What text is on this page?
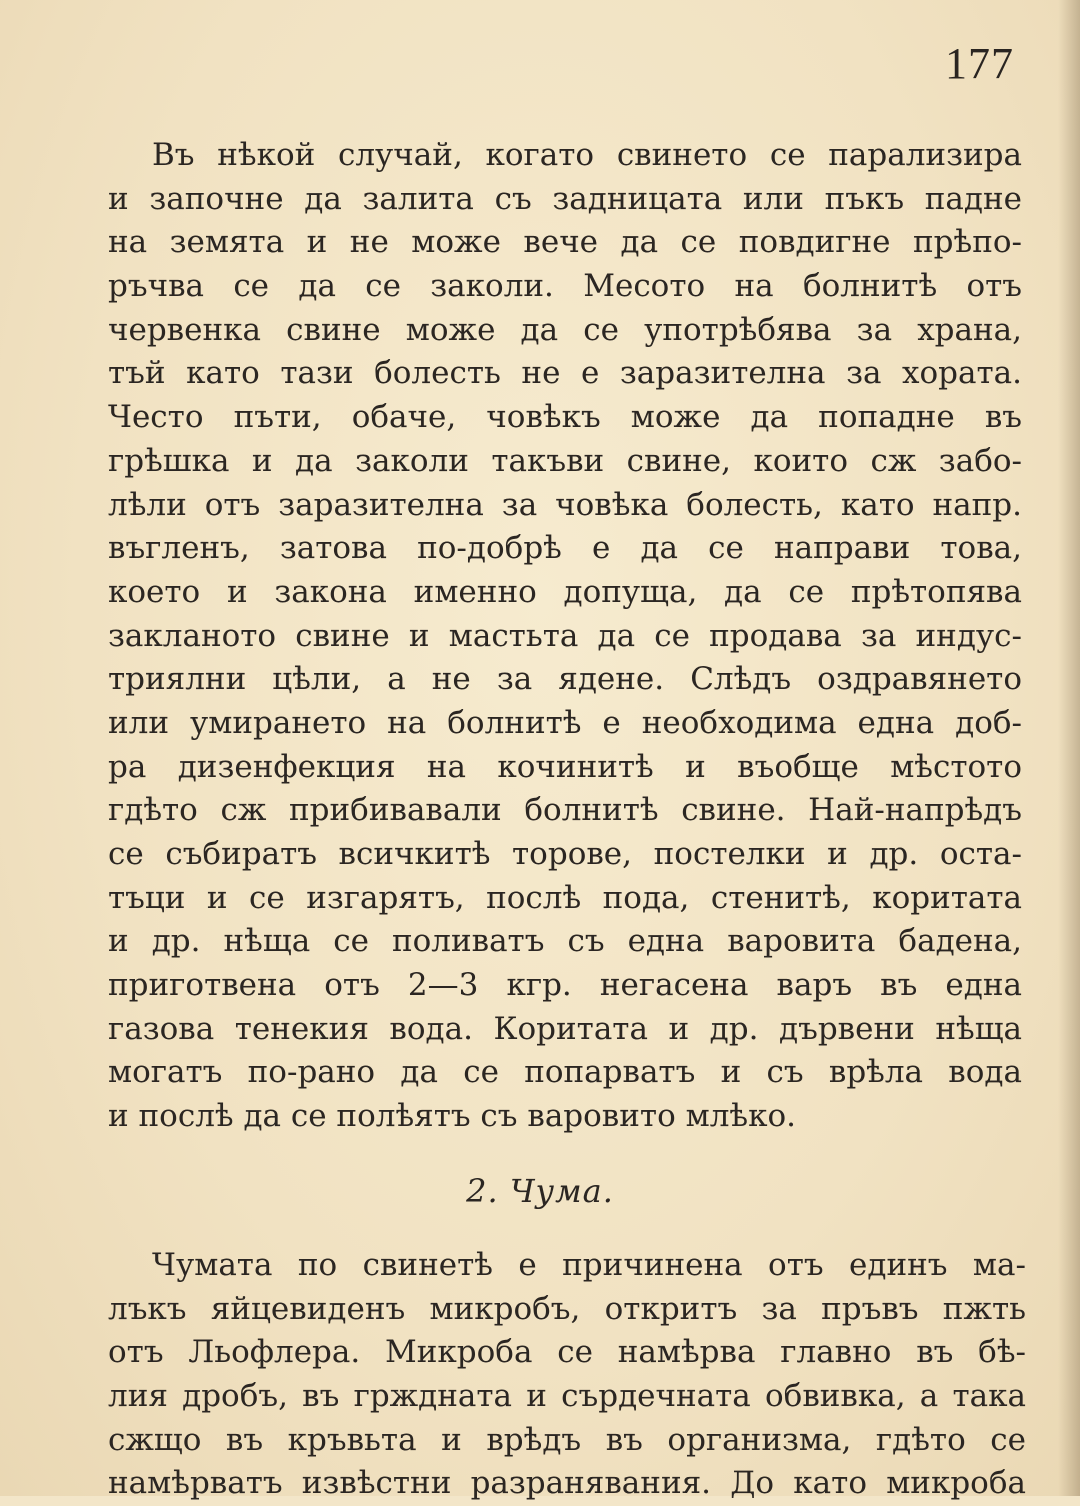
177
Въ нѣкой случай, когато свинето се парализира
и започне да залита съ задницата или пъкъ падне
на земята и не може вече да се повдигне прѣпо-
ръчва се да се заколи. Месото на болнитѣ отъ
червенка свине може да се употрѣбява за храна,
тъй като тази болесть не е заразителна за хората.
Често пъти, обаче, човѣкъ може да попадне въ
грѣшка и да заколи такъви свине, които сж забо-
лѣли отъ заразителна за човѣка болесть, като напр.
въгленъ, затова по-добрѣ е да се направи това,
което и закона именно допуща, да се прѣтопява
закланото свине и мастьта да се продава за индус-
триялни цѣли, а не за ядене. Слѣдъ оздравянето
или умирането на болнитѣ е необходима една доб-
ра дизенфекция на кочинитѣ и въобще мѣстото
гдѣто сж прибивавали болнитѣ свине. Най-напрѣдъ
се събиратъ всичкитѣ торове, постелки и др. оста-
тъци и се изгарятъ, послѣ пода, стенитѣ, коритата
и др. нѣща се поливатъ съ една варовита бадена,
приготвена отъ 2—3 кгр. негасена варъ въ една
газова тенекия вода. Коритата и др. дървени нѣща
могатъ по-рано да се попарватъ и съ врѣла вода
и послѣ да се полѣятъ съ варовито млѣко.
2. Чума.
Чумата по свинетѣ е причинена отъ единъ ма-
лъкъ яйцевиденъ микробъ, откритъ за пръвъ пжть
отъ Льофлера. Микроба се намѣрва главно въ бѣ-
лия дробъ, въ грждната и сърдечната обвивка, а така
сжщо въ кръвьта и врѣдъ въ организма, гдѣто се
намѣрватъ извѣстни разранявания. До като микроба
